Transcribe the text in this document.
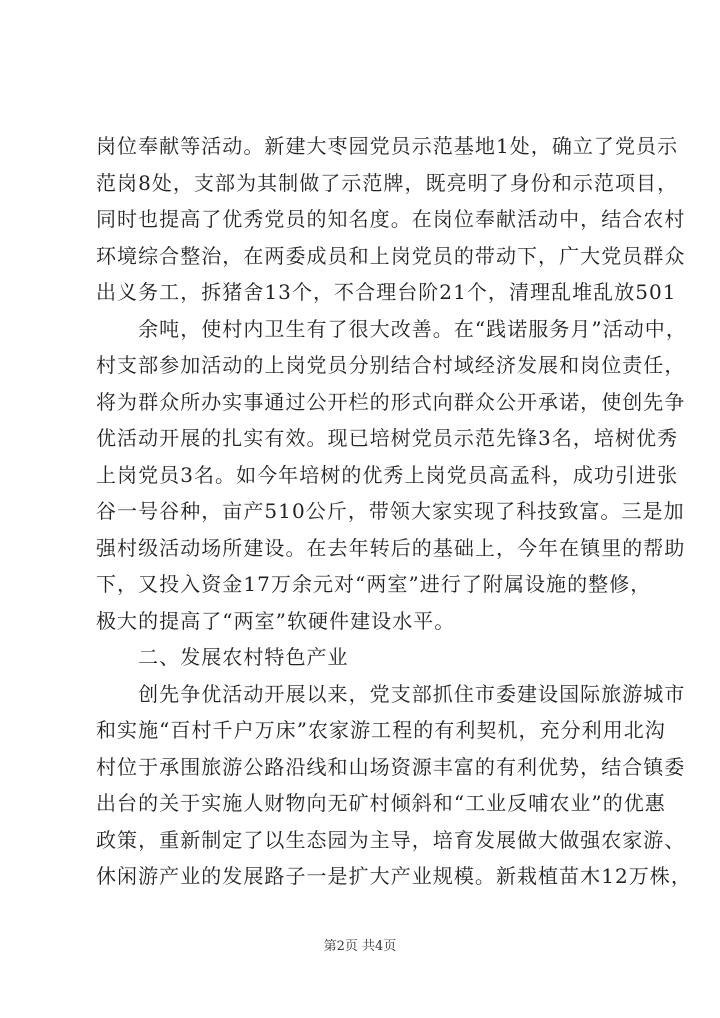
岗位奉献等活动。新建大枣园党员示范基地1处，确立了党员示
范岗8处，支部为其制做了示范牌，既亮明了身份和示范项目，
同时也提高了优秀党员的知名度。在岗位奉献活动中，结合农村
环境综合整治，在两委成员和上岗党员的带动下，广大党员群众
出义务工，拆猪舍13个，不合理台阶21个，清理乱堆乱放501
　　余吨，使村内卫生有了很大改善。在“践诺服务月”活动中，
村支部参加活动的上岗党员分别结合村域经济发展和岗位责任，
将为群众所办实事通过公开栏的形式向群众公开承诺，使创先争
优活动开展的扎实有效。现已培树党员示范先锋3名，培树优秀
上岗党员3名。如今年培树的优秀上岗党员高孟科，成功引进张
谷一号谷种，亩产510公斤，带领大家实现了科技致富。三是加
强村级活动场所建设。在去年转后的基础上，今年在镇里的帮助
下，又投入资金17万余元对“两室”进行了附属设施的整修，
极大的提高了“两室”软硬件建设水平。
　　二、发展农村特色产业
　　创先争优活动开展以来，党支部抓住市委建设国际旅游城市
和实施“百村千户万床”农家游工程的有利契机，充分利用北沟
村位于承围旅游公路沿线和山场资源丰富的有利优势，结合镇委
出台的关于实施人财物向无矿村倾斜和“工业反哺农业”的优惠
政策，重新制定了以生态园为主导，培育发展做大做强农家游、
休闲游产业的发展路子一是扩大产业规模。新栽植苗木12万株，
第2页 共4页
